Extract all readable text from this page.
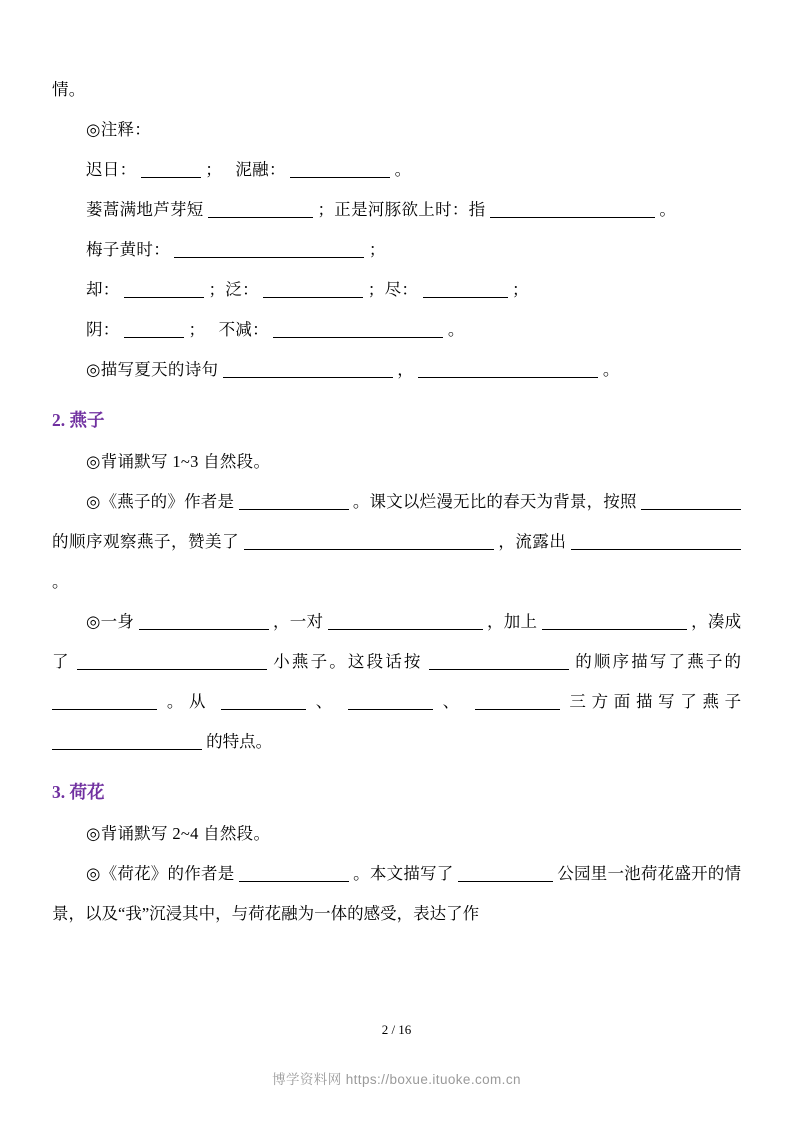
情。
◎注释：
迟日：	； 泥融：	。
蒌蒿满地芦芽短	；正是河豚欲上时：指	。
梅子黄时：	；
却：	；泛：	；尽：	；
阴：	； 不减：	。
◎描写夏天的诗句	，	。
2. 燕子
◎背诵默写 1~3 自然段。
◎《燕子的》作者是	。课文以烂漫无比的春天为背景，按照  的顺序观察燕子，赞美了	，流露出  。
◎一身	，一对	，加上	，凑成了	小燕子。这段话按	的顺序描写了燕子的  。从	、	、	三方面描写了燕子  的特点。
3. 荷花
◎背诵默写 2~4 自然段。
◎《荷花》的作者是	。本文描写了	公园里一池荷花盛开的情景，以及“我”沉浸其中，与荷花融为一体的感受，表达了作
2 / 16
博学资料网 https://boxue.ituoke.com.cn
